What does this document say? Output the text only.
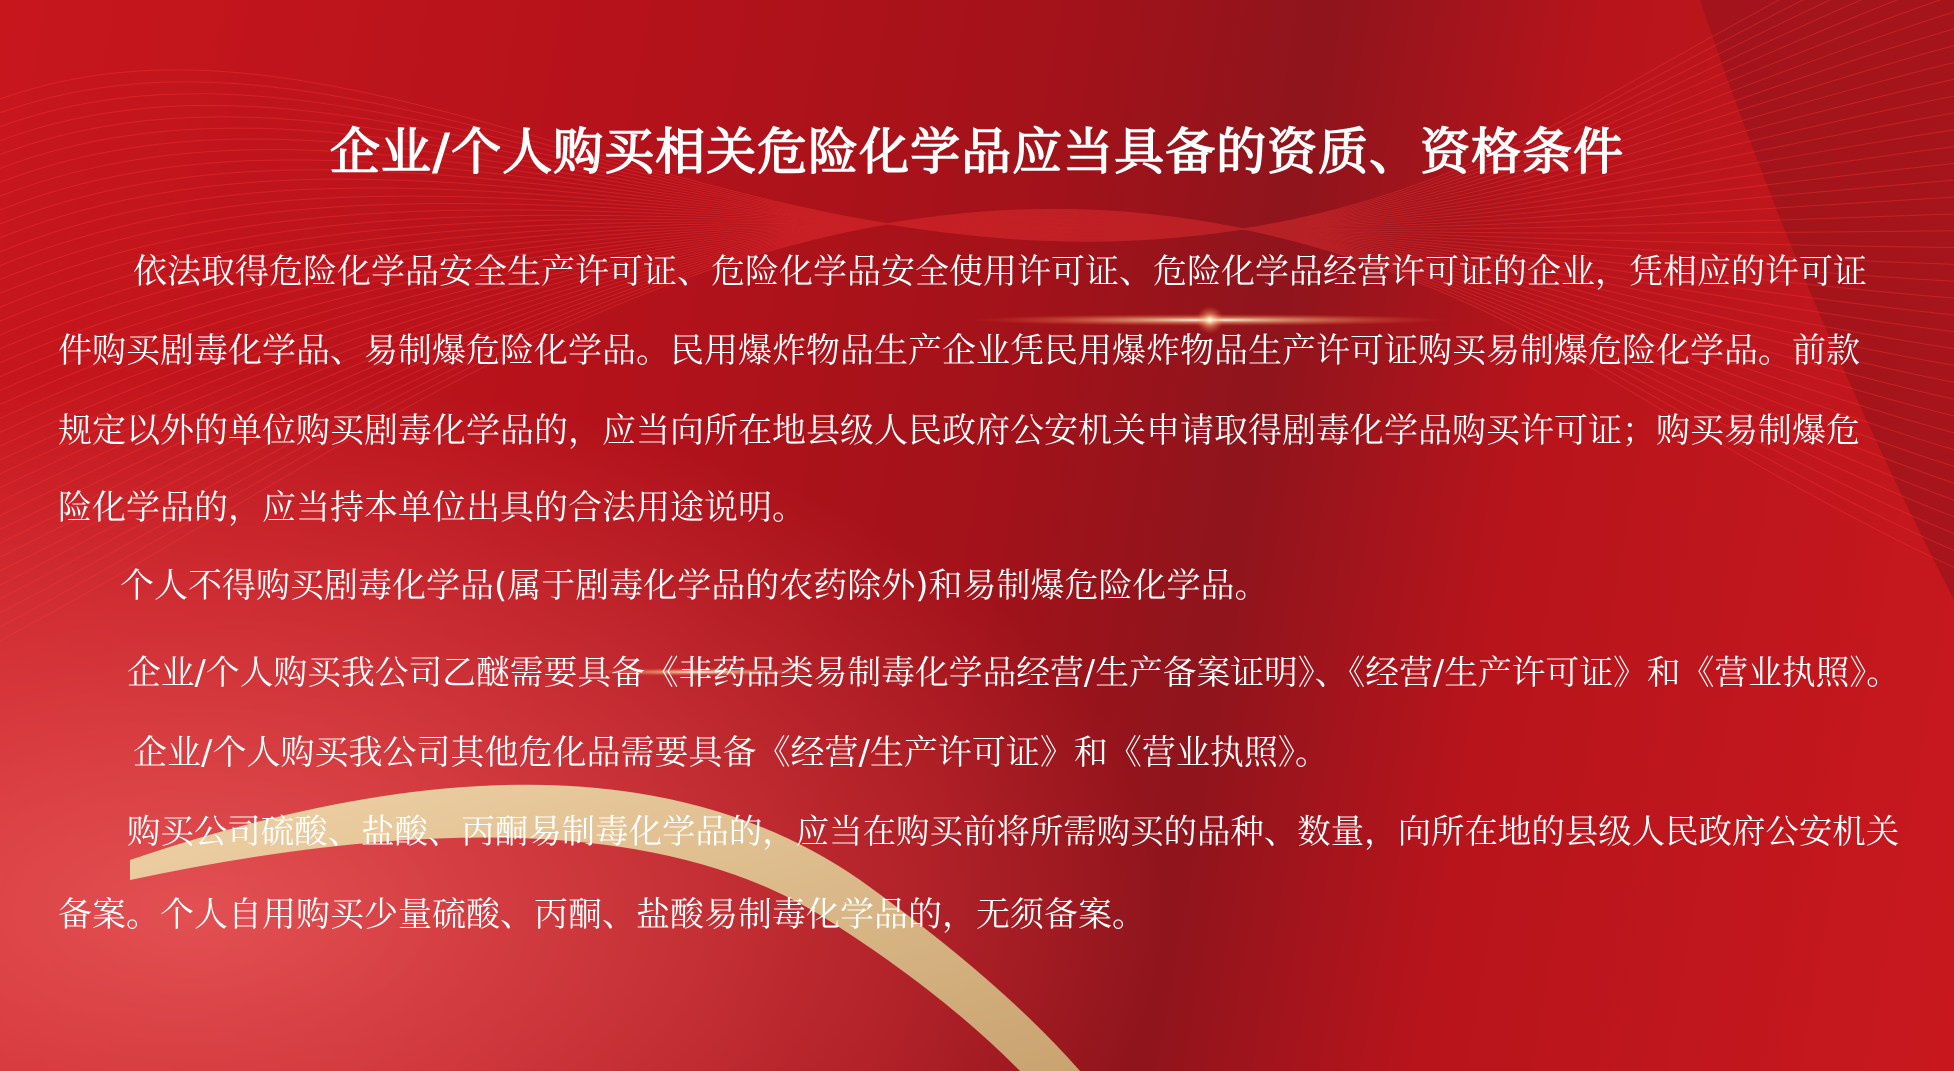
企业/个人购买相关危险化学品应当具备的资质、资格条件
依法取得危险化学品安全生产许可证、危险化学品安全使用许可证、危险化学品经营许可证的企业，凭相应的许可证
件购买剧毒化学品、易制爆危险化学品。民用爆炸物品生产企业凭民用爆炸物品生产许可证购买易制爆危险化学品。前款
规定以外的单位购买剧毒化学品的，应当向所在地县级人民政府公安机关申请取得剧毒化学品购买许可证；购买易制爆危
险化学品的，应当持本单位出具的合法用途说明。
个人不得购买剧毒化学品(属于剧毒化学品的农药除外)和易制爆危险化学品。
企业/个人购买我公司乙醚需要具备《非药品类易制毒化学品经营/生产备案证明》、《经营/生产许可证》和《营业执照》。
企业/个人购买我公司其他危化品需要具备《经营/生产许可证》和《营业执照》。
购买公司硫酸、盐酸、丙酮易制毒化学品的，应当在购买前将所需购买的品种、数量，向所在地的县级人民政府公安机关
备案。个人自用购买少量硫酸、丙酮、盐酸易制毒化学品的，无须备案。
